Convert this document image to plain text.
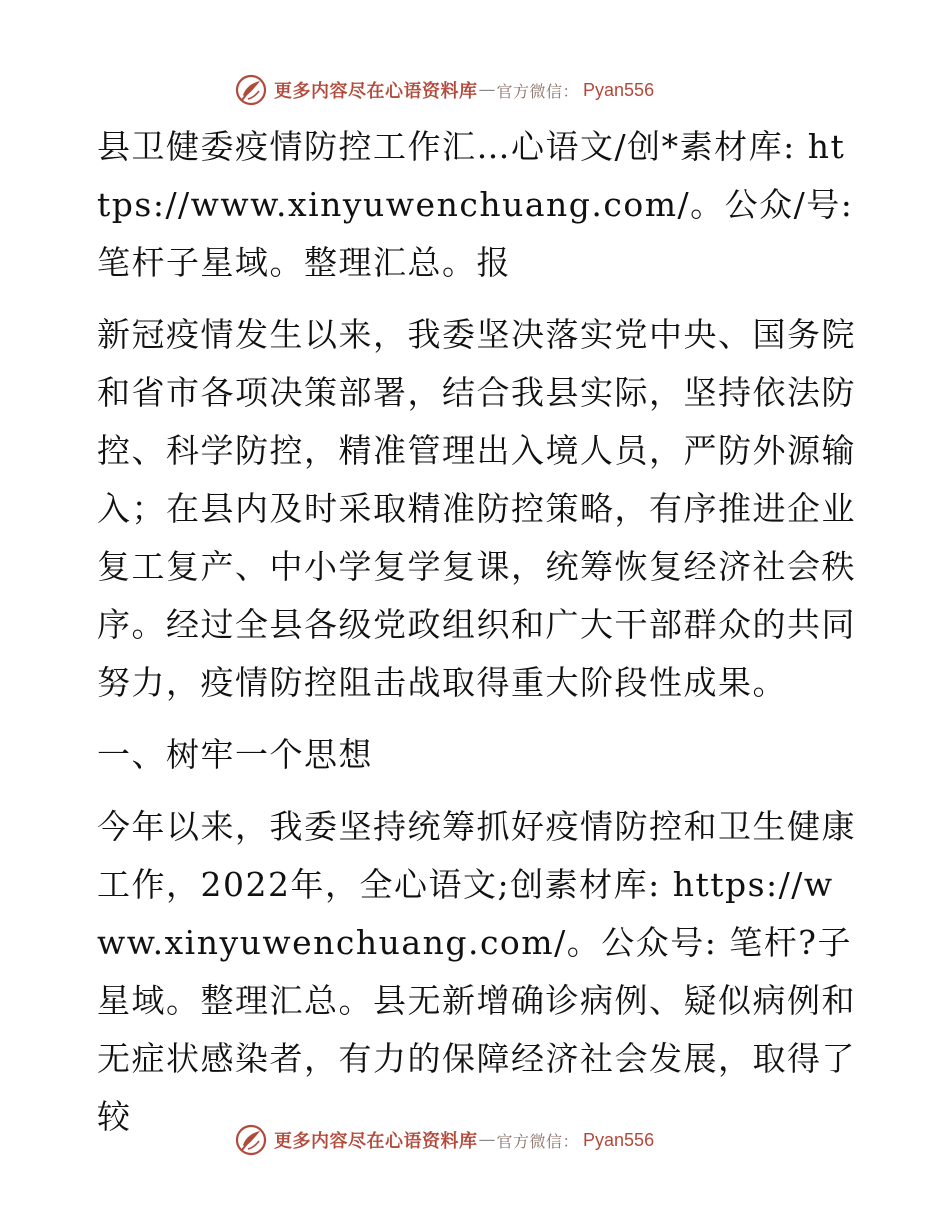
更多内容尽在心语资料库 — 官方微信： Pyan556

县卫健委疫情防控工作汇…心语文/创*素材库: https://www.xinyuwenchuang.com/。公众/号: 笔杆子星域。整理汇总。报

新冠疫情发生以来，我委坚决落实党中央、国务院和省市各项决策部署，结合我县实际，坚持依法防控、科学防控，精准管理出入境人员，严防外源输入；在县内及时采取精准防控策略，有序推进企业复工复产、中小学复学复课，统筹恢复经济社会秩序。经过全县各级党政组织和广大干部群众的共同努力，疫情防控阻击战取得重大阶段性成果。

一、树牢一个思想

今年以来，我委坚持统筹抓好疫情防控和卫生健康工作，2022年，全心语文;创素材库: https://www.xinyuwenchuang.com/。公众号: 笔杆?子星域。整理汇总。县无新增确诊病例、疑似病例和无症状感染者，有力的保障经济社会发展，取得了较

更多内容尽在心语资料库 — 官方微信： Pyan556
